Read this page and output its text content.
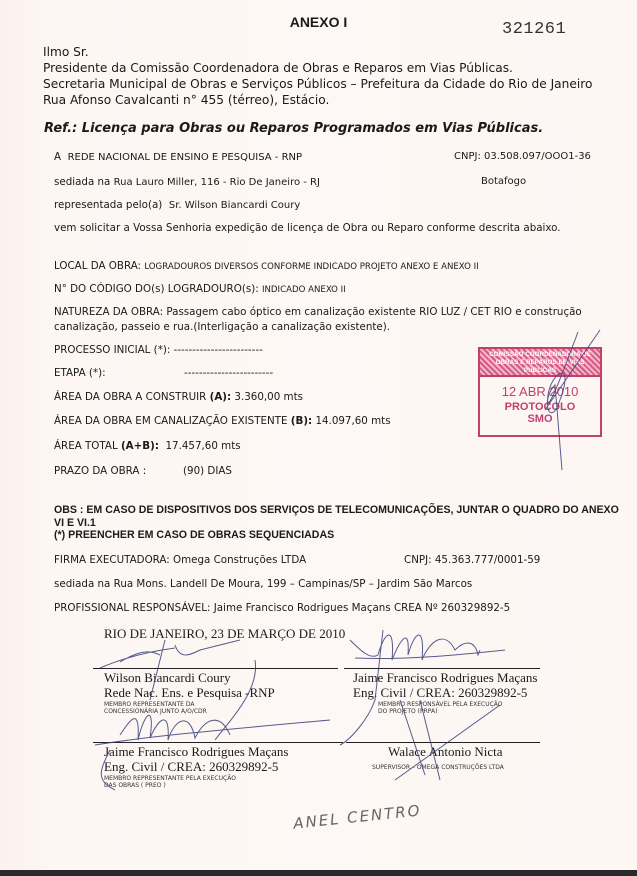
ANEXO I	321261
Ilmo Sr.
Presidente da Comissão Coordenadora de Obras e Reparos em Vias Públicas.
Secretaria Municipal de Obras e Serviços Públicos – Prefeitura da Cidade do Rio de Janeiro
Rua Afonso Cavalcanti n° 455 (térreo), Estácio.
Ref.: Licença para Obras ou Reparos Programados em Vias Públicas.
A REDE NACIONAL DE ENSINO E PESQUISA - RNP	CNPJ: 03.508.097/OOO1-36
sediada na Rua Lauro Miller, 116 - Rio De Janeiro - RJ	Botafogo
representada pelo(a) Sr. Wilson Biancardi Coury
vem solicitar a Vossa Senhoria expedição de licença de Obra ou Reparo conforme descrita abaixo.
LOCAL DA OBRA: LOGRADOUROS DIVERSOS CONFORME INDICADO PROJETO ANEXO E ANEXO II
N° DO CÓDIGO DO(s) LOGRADOURO(s): INDICADO ANEXO II
NATUREZA DA OBRA: Passagem cabo óptico em canalização existente RIO LUZ / CET RIO e construção
canalização, passeio e rua.(Interligação a canalização existente).
PROCESSO INICIAL (*): ------------------------
ETAPA (*):	------------------------
ÁREA DA OBRA A CONSTRUIR (A): 3.360,00 mts
ÁREA DA OBRA EM CANALIZAÇÃO EXISTENTE (B): 14.097,60 mts
ÁREA TOTAL (A+B): 17.457,60 mts
PRAZO DA OBRA :	(90) DIAS
COMISSÃO COORDENADORA DE OBRAS E REPAROS EM VIAS PÚBLICAS
12 ABR 2010
PROTOCOLO
SMO
OBS : EM CASO DE DISPOSITIVOS DOS SERVIÇOS DE TELECOMUNICAÇÕES, JUNTAR O QUADRO DO ANEXO
VI E VI.1
(*) PREENCHER EM CASO DE OBRAS SEQUENCIADAS
FIRMA EXECUTADORA: Omega Construções LTDA	CNPJ: 45.363.777/0001-59
sediada na Rua Mons. Landell De Moura, 199 – Campinas/SP – Jardim São Marcos
PROFISSIONAL RESPONSÁVEL: Jaime Francisco Rodrigues Maçans CREA Nº 260329892-5
RIO DE JANEIRO, 23 DE MARÇO DE 2010
Wilson Biancardi Coury
Rede Nac. Ens. e Pesquisa -RNP
MEMBRO REPRESENTANTE DA
CONCESSIONÁRIA JUNTO A/O/CDR
Jaime Francisco Rodrigues Maçans
Eng. Civil / CREA: 260329892-5
MEMBRO RESPONSÁVEL PELA EXECUÇÃO
DO PROJETO (PRPA)
Jaime Francisco Rodrigues Maçans
Eng. Civil / CREA: 260329892-5
MEMBRO REPRESENTANTE PELA EXECUÇÃO
DAS OBRAS ( PREO )
Walace Antonio Nicta
SUPERVISOR – OMEGA CONSTRUÇÕES LTDA
ANEL CENTRO
